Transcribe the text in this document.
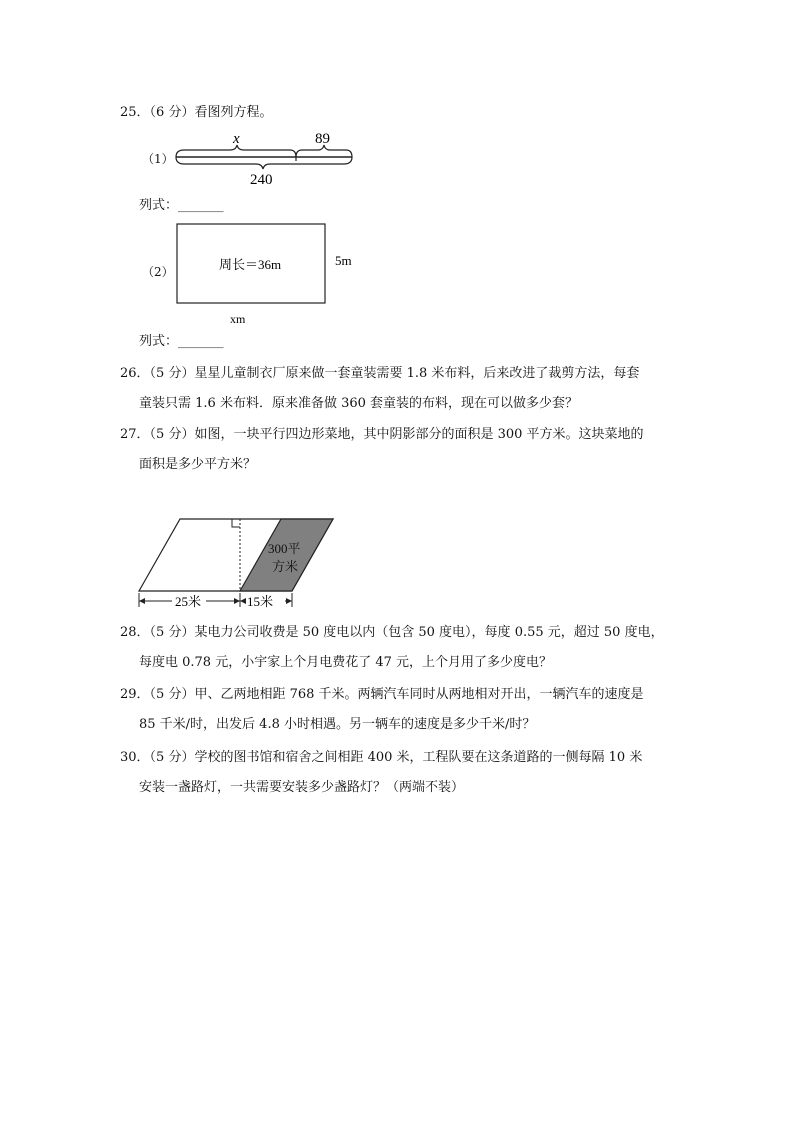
25．（6 分）看图列方程。
（1）
x	89
240
列式：_______
（2）	周长＝36m	5m
xm
列式：_______
26．（5 分）星星儿童制衣厂原来做一套童装需要 1.8 米布料，后来改进了裁剪方法，每套
童装只需 1.6 米布料．原来准备做 360 套童装的布料，现在可以做多少套？
27．（5 分）如图，一块平行四边形菜地，其中阴影部分的面积是 300 平方米。这块菜地的
面积是多少平方米？
300平
方米
25米	15米
28．（5 分）某电力公司收费是 50 度电以内（包含 50 度电），每度 0.55 元，超过 50 度电，
每度电 0.78 元，小宇家上个月电费花了 47 元，上个月用了多少度电？
29．（5 分）甲、乙两地相距 768 千米。两辆汽车同时从两地相对开出，一辆汽车的速度是
85 千米/时，出发后 4.8 小时相遇。另一辆车的速度是多少千米/时？
30．（5 分）学校的图书馆和宿舍之间相距 400 米，工程队要在这条道路的一侧每隔 10 米
安装一盏路灯，一共需要安装多少盏路灯？（两端不装）
